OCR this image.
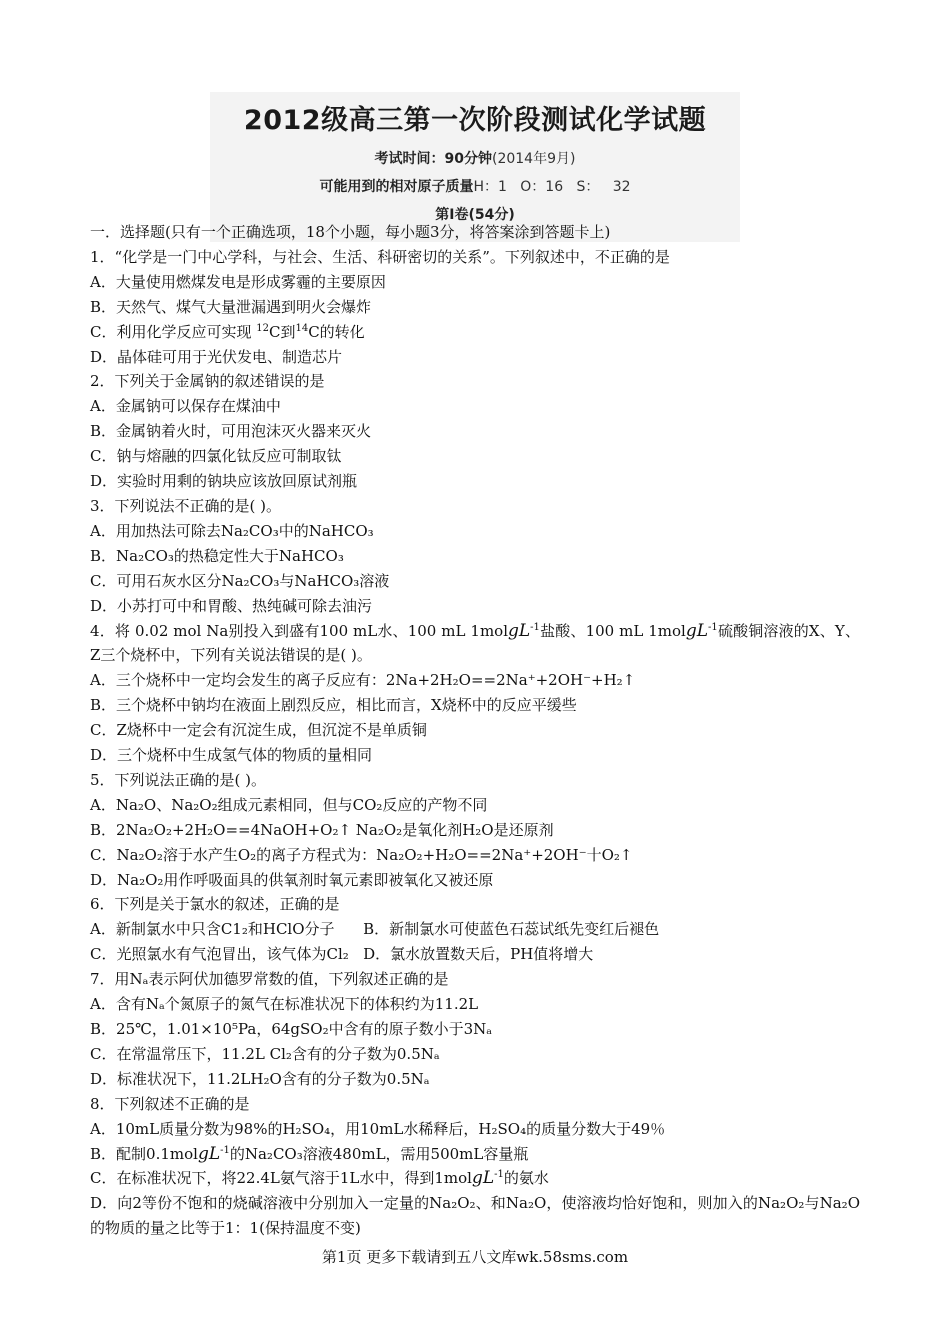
2012级高三第一次阶段测试化学试题
考试时间：90分钟(2014年9月)
可能用到的相对原子质量H：1   O：16   S：   32
第Ⅰ卷(54分)
一．选择题(只有一个正确选项，18个小题，每小题3分，将答案涂到答题卡上)
1．“化学是一门中心学科，与社会、生活、科研密切的关系”。下列叙述中，不正确的是
A．大量使用燃煤发电是形成雾霾的主要原因
B．天然气、煤气大量泄漏遇到明火会爆炸
C．利用化学反应可实现 $^{12}$C到$^{14}$C的转化
D．晶体硅可用于光伏发电、制造芯片
2．下列关于金属钠的叙述错误的是
A．金属钠可以保存在煤油中
B．金属钠着火时，可用泡沫灭火器来灭火
C．钠与熔融的四氯化钛反应可制取钛
D．实验时用剩的钠块应该放回原试剂瓶
3．下列说法不正确的是( )。
A．用加热法可除去Na₂CO₃中的NaHCO₃
B．Na₂CO₃的热稳定性大于NaHCO₃
C．可用石灰水区分Na₂CO₃与NaHCO₃溶液
D．小苏打可中和胃酸、热纯碱可除去油污
4．将 0.02 mol Na别投入到盛有100 mL水、100 mL 1molgL$^{-1}$盐酸、100 mL 1molgL$^{-1}$硫酸铜溶液的X、Y、Z三个烧杯中，下列有关说法错误的是( )。
A．三个烧杯中一定均会发生的离子反应有：2Na+2H₂O==2Na⁺+2OH⁻+H₂↑
B．三个烧杯中钠均在液面上剧烈反应，相比而言，X烧杯中的反应平缓些
C．Z烧杯中一定会有沉淀生成，但沉淀不是单质铜
D．三个烧杯中生成氢气体的物质的量相同
5．下列说法正确的是( )。
A．Na₂O、Na₂O₂组成元素相同，但与CO₂反应的产物不同
B．2Na₂O₂+2H₂O==4NaOH+O₂↑ Na₂O₂是氧化剂H₂O是还原剂
C．Na₂O₂溶于水产生O₂的离子方程式为：Na₂O₂+H₂O==2Na⁺+2OH⁻十O₂↑
D．Na₂O₂用作呼吸面具的供氧剂时氧元素即被氧化又被还原
6．下列是关于氯水的叙述，正确的是
A．新制氯水中只含C1₂和HClO分子      B．新制氯水可使蓝色石蕊试纸先变红后褪色
C．光照氯水有气泡冒出，该气体为Cl₂   D．氯水放置数天后，PH值将增大
7．用Nₐ表示阿伏加德罗常数的值，下列叙述正确的是
A．含有Nₐ个氮原子的氮气在标准状况下的体积约为11.2L
B．25℃，1.01×10⁵Pa，64gSO₂中含有的原子数小于3Nₐ
C．在常温常压下，11.2L Cl₂含有的分子数为0.5Nₐ
D．标准状况下，11.2LH₂O含有的分子数为0.5Nₐ
8．下列叙述不正确的是
A．10mL质量分数为98%的H₂SO₄，用10mL水稀释后，H₂SO₄的质量分数大于49％
B．配制0.1molgL$^{-1}$的Na₂CO₃溶液480mL，需用500mL容量瓶
C．在标准状况下，将22.4L氨气溶于1L水中，得到1molgL$^{-1}$的氨水
D．向2等份不饱和的烧碱溶液中分别加入一定量的Na₂O₂、和Na₂O，使溶液均恰好饱和，则加入的Na₂O₂与Na₂O的物质的量之比等于1：1(保持温度不变)
第1页 更多下载请到五八文库wk.58sms.com
